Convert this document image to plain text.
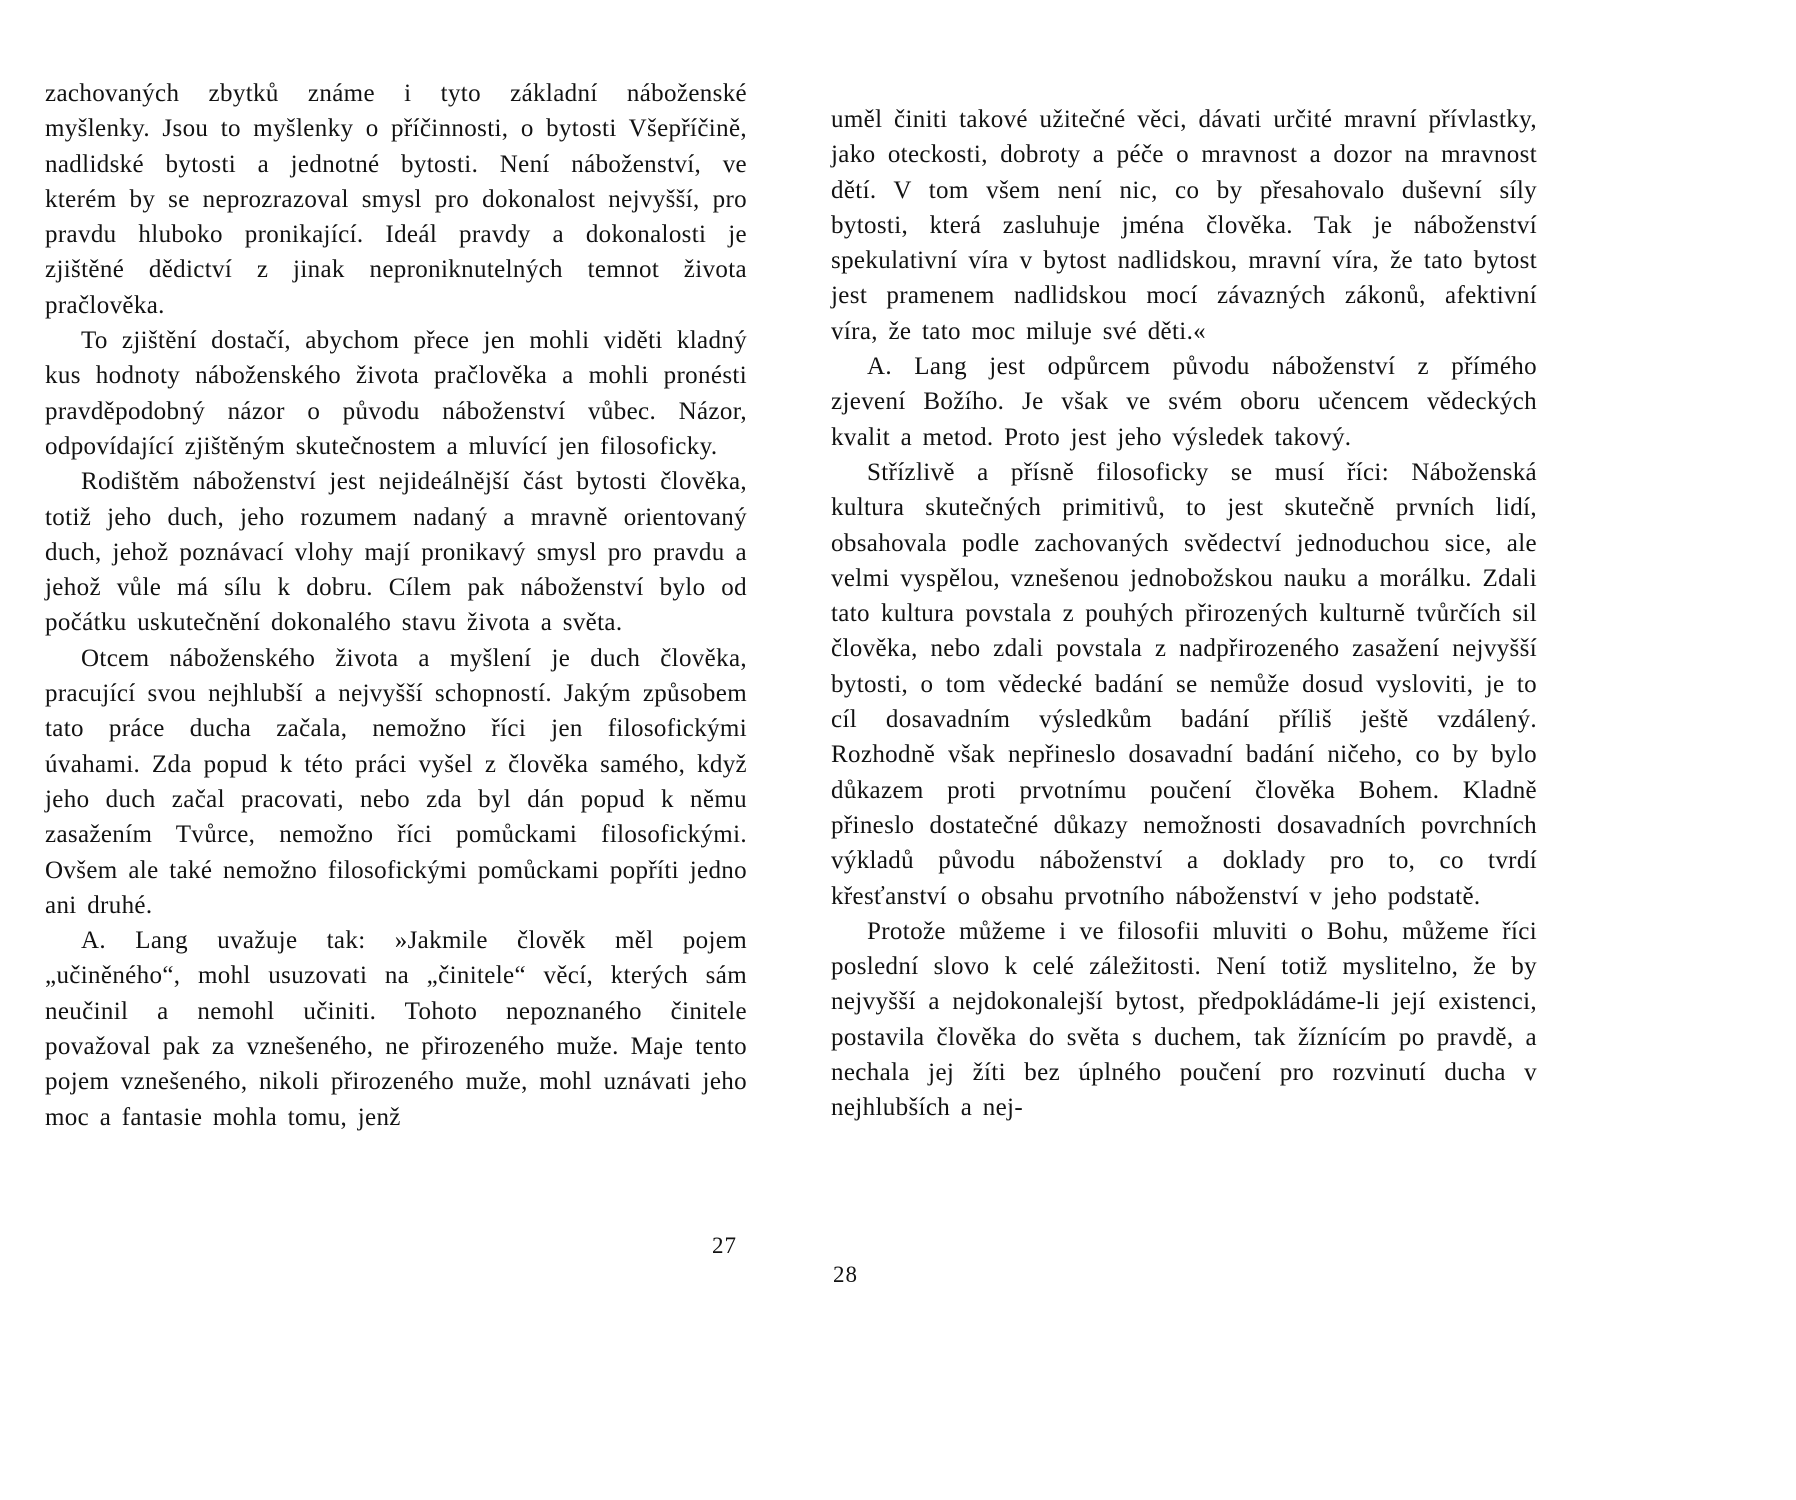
zachovaných zbytků známe i tyto základní náboženské myšlenky. Jsou to myšlenky o příčinnosti, o bytosti Všepříčině, nadlidské bytosti a jednotné bytosti. Není náboženství, ve kterém by se neprozrazoval smysl pro dokonalost nejvyšší, pro pravdu hluboko pronikající. Ideál pravdy a dokonalosti je zjištěné dědictví z jinak neproniknutelných temnot života pračlověka.

To zjištění dostačí, abychom přece jen mohli viděti kladný kus hodnoty náboženského života pračlověka a mohli pronésti pravděpodobný názor o původu náboženství vůbec. Názor, odpovídající zjištěným skutečnostem a mluvící jen filosoficky.

Rodištěm náboženství jest nejideálnější část bytosti člověka, totiž jeho duch, jeho rozumem nadaný a mravně orientovaný duch, jehož poznávací vlohy mají pronikavý smysl pro pravdu a jehož vůle má sílu k dobru. Cílem pak náboženství bylo od počátku uskutečnění dokonalého stavu života a světa.

Otcem náboženského života a myšlení je duch člověka, pracující svou nejhlubší a nejvyšší schopností. Jakým způsobem tato práce ducha začala, nemožno říci jen filosofickými úvahami. Zda popud k této práci vyšel z člověka samého, když jeho duch začal pracovati, nebo zda byl dán popud k němu zasažením Tvůrce, nemožno říci pomůckami filosofickými. Ovšem ale také nemožno filosofickými pomůckami popříti jedno ani druhé.

A. Lang uvažuje tak: »Jakmile člověk měl pojem „učiněného“, mohl usuzovati na „činitele“ věcí, kterých sám neučinil a nemohl učiniti. Tohoto nepoznaného činitele považoval pak za vznešeného, ne přirozeného muže. Maje tento pojem vznešeného, nikoli přirozeného muže, mohl uznávati jeho moc a fantasie mohla tomu, jenž

uměl činiti takové užitečné věci, dávati určité mravní přívlastky, jako oteckosti, dobroty a péče o mravnost a dozor na mravnost dětí. V tom všem není nic, co by přesahovalo duševní síly bytosti, která zasluhuje jména člověka. Tak je náboženství spekulativní víra v bytost nadlidskou, mravní víra, že tato bytost jest pramenem nadlidskou mocí závazných zákonů, afektivní víra, že tato moc miluje své děti.«

A. Lang jest odpůrcem původu náboženství z přímého zjevení Božího. Je však ve svém oboru učencem vědeckých kvalit a metod. Proto jest jeho výsledek takový.

Střízlivě a přísně filosoficky se musí říci: Náboženská kultura skutečných primitivů, to jest skutečně prvních lidí, obsahovala podle zachovaných svědectví jednoduchou sice, ale velmi vyspělou, vznešenou jednobožskou nauku a morálku. Zdali tato kultura povstala z pouhých přirozených kulturně tvůrčích sil člověka, nebo zdali povstala z nadpřirozeného zasažení nejvyšší bytosti, o tom vědecké badání se nemůže dosud vysloviti, je to cíl dosavadním výsledkům badání příliš ještě vzdálený. Rozhodně však nepřineslo dosavadní badání ničeho, co by bylo důkazem proti prvotnímu poučení člověka Bohem. Kladně přineslo dostatečné důkazy nemožnosti dosavadních povrchních výkladů původu náboženství a doklady pro to, co tvrdí křesťanství o obsahu prvotního náboženství v jeho podstatě.

Protože můžeme i ve filosofii mluviti o Bohu, můžeme říci poslední slovo k celé záležitosti. Není totiž myslitelno, že by nejvyšší a nejdokonalejší bytost, předpokládáme-li její existenci, postavila člověka do světa s duchem, tak žíznícím po pravdě, a nechala jej žíti bez úplného poučení pro rozvinutí ducha v nejhlubších a nej-

27
28
